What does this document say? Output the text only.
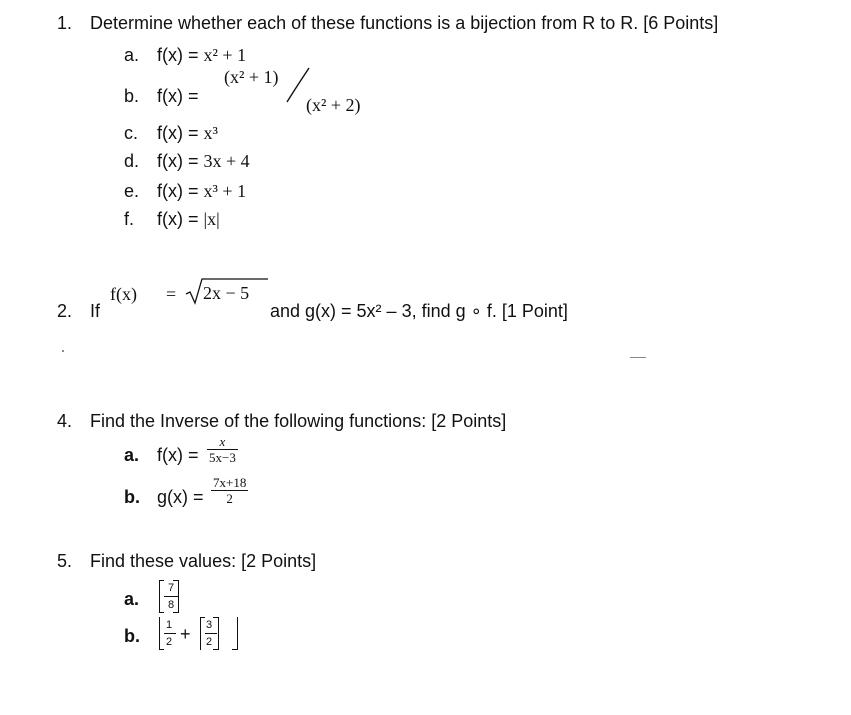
1. Determine whether each of these functions is a bijection from R to R. [6 Points]
a. f(x) = x² + 1
b. f(x) =
(x² + 1)
(x² + 2)
c. f(x) = x³
d. f(x) = 3x + 4
e. f(x) = x³ + 1
f. f(x) = |x|
2. If
f(x) = 2x − 5
and g(x) = 5x² – 3, find g ∘ f. [1 Point]
4. Find the Inverse of the following functions: [2 Points]
a. $f(x) = \frac{x}{5x-3}$
b. $g(x) = \frac{7x+18}{2}$
5. Find these values: [2 Points]
a.
7
8
b.
1
2 + 3
2
